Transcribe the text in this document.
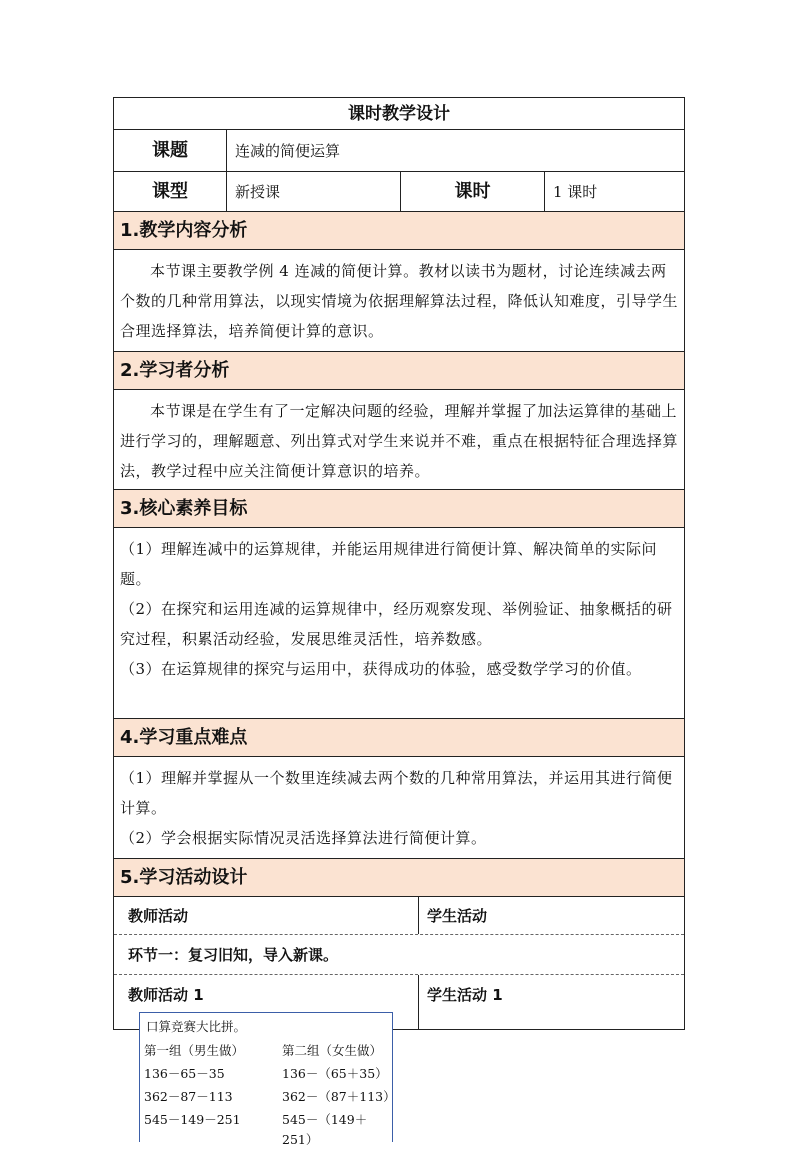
课时教学设计
课题	连减的简便运算
课型	新授课	课时	1 课时
1.教学内容分析

本节课主要教学例 4 连减的简便计算。教材以读书为题材，讨论连续减去两个数的几种常用算法，以现实情境为依据理解算法过程，降低认知难度，引导学生合理选择算法，培养简便计算的意识。

2.学习者分析

本节课是在学生有了一定解决问题的经验，理解并掌握了加法运算律的基础上进行学习的，理解题意、列出算式对学生来说并不难，重点在根据特征合理选择算法，教学过程中应关注简便计算意识的培养。

3.核心素养目标

（1）理解连减中的运算规律，并能运用规律进行简便计算、解决简单的实际问题。

（2）在探究和运用连减的运算规律中，经历观察发现、举例验证、抽象概括的研究过程，积累活动经验，发展思维灵活性，培养数感。

（3）在运算规律的探究与运用中，获得成功的体验，感受数学学习的价值。

4.学习重点难点

（1）理解并掌握从一个数里连续减去两个数的几种常用算法，并运用其进行简便计算。

（2）学会根据实际情况灵活选择算法进行简便计算。

5.学习活动设计
教师活动	学生活动
环节一：复习旧知，导入新课。
教师活动 1	学生活动 1
口算竞赛大比拼。
第一组（男生做）	第二组（女生做）
136－65－35	136－（65＋35）
362－87－113	362－（87＋113）
545－149－251	545－（149＋251）
